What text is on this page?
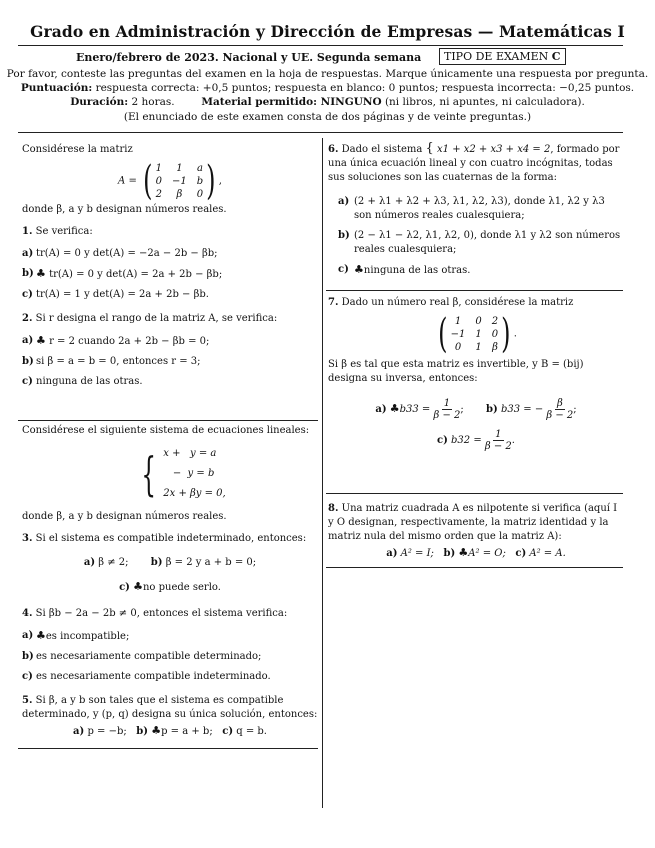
Grado en Administración y Dirección de Empresas — Matemáticas I
Enero/febrero de 2023. Nacional y UE. Segunda semana	TIPO DE EXAMEN C
Por favor, conteste las preguntas del examen en la hoja de respuestas. Marque únicamente una respuesta por pregunta.
Puntuación: respuesta correcta: +0,5 puntos; respuesta en blanco: 0 puntos; respuesta incorrecta: −0,25 puntos.
Duración: 2 horas.	Material permitido: NINGUNO (ni libros, ni apuntes, ni calculadora).
(El enunciado de este examen consta de dos páginas y de veinte preguntas.)

Considérese la matriz

A = ( 1	1	a
0 −1 b
2	β	0 ) ,

donde β, a y b designan números reales.

1. Se verifica:

a) tr(A) = 0 y det(A) = −2a − 2b − βb;
b) ♣ tr(A) = 0 y det(A) = 2a + 2b − βb;
c) tr(A) = 1 y det(A) = 2a + 2b − βb.

2. Si r designa el rango de la matriz A, se verifica:

a) ♣ r = 2 cuando 2a + 2b − βb = 0;
b) si β = a = b = 0, entonces r = 3;
c) ninguna de las otras.

Considérese el siguiente sistema de ecuaciones lineales:

{ x +   y = a
−  y = b
2x + βy = 0,

donde β, a y b designan números reales.

3. Si el sistema es compatible indeterminado, entonces:

a) β ≠ 2; b) β = 2 y a + b = 0;
c) ♣no puede serlo.

4. Si βb − 2a − 2b ≠ 0, entonces el sistema verifica:

a) ♣es incompatible;
b) es necesariamente compatible determinado;
c) es necesariamente compatible indeterminado.

5. Si β, a y b son tales que el sistema es compatible determinado, y (p, q) designa su única solución, entonces:

a) p = −b; b) ♣p = a + b; c) q = b.

6. Dado el sistema { x1 + x2 + x3 + x4 = 2, formado por una única ecuación lineal y con cuatro incógnitas, todas sus soluciones son las cuaternas de la forma:

a) (2 + λ1 + λ2 + λ3, λ1, λ2, λ3), donde λ1, λ2 y λ3 son números reales cualesquiera;
b) (2 − λ1 − λ2, λ1, λ2, 0), donde λ1 y λ2 son números reales cualesquiera;
c) ♣ninguna de las otras.

7. Dado un número real β, considérese la matriz

( 1	0 2
−1 1 0
0	1 β ) .

Si β es tal que esta matriz es invertible, y B = (bij) designa su inversa, entonces:

a) ♣b33 = $\frac{1}{\beta - 2}$ ; b) b33 = − $\frac{\beta}{\beta - 2}$ ;
c) $b32 = \frac{1}{\beta - 2}$ .

8. Una matriz cuadrada A es nilpotente si verifica (aquí I y O designan, respectivamente, la matriz identidad y la matriz nula del mismo orden que la matriz A):

a) A² = I; b) ♣A² = O; c) A² = A.
